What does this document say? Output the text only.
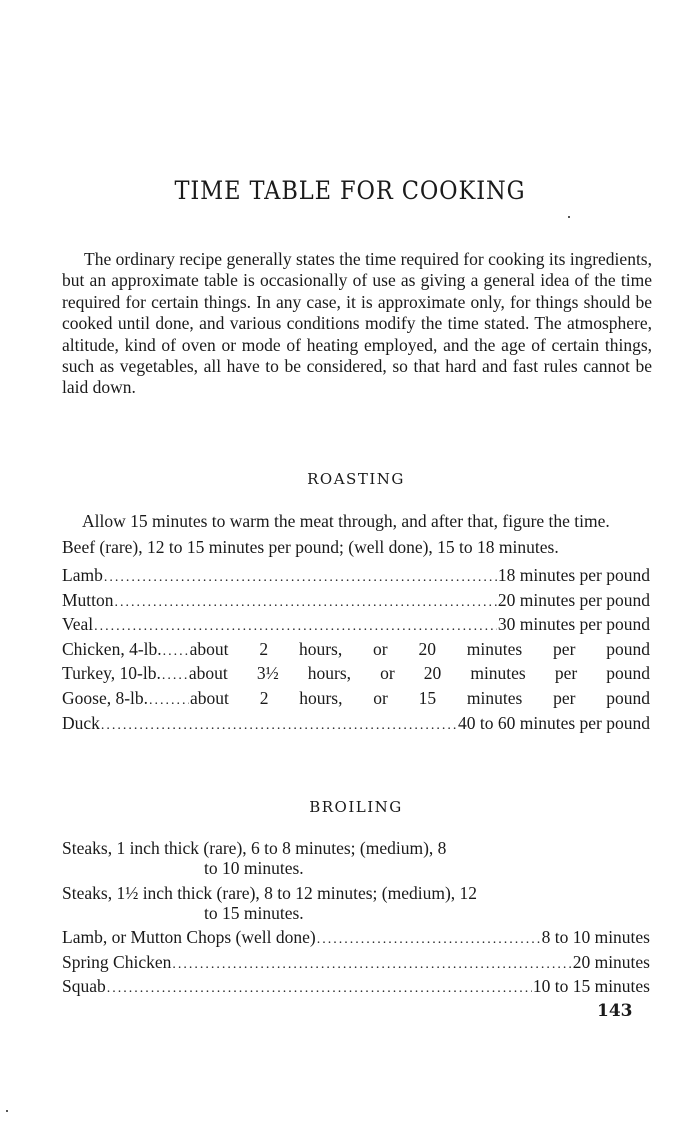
TIME TABLE FOR COOKING

The ordinary recipe generally states the time required for cooking its ingredients, but an approximate table is occasionally of use as giving a general idea of the time required for certain things. In any case, it is approximate only, for things should be cooked until done, and various conditions modify the time stated. The atmosphere, altitude, kind of oven or mode of heating employed, and the age of certain things, such as vegetables, all have to be considered, so that hard and fast rules cannot be laid down.

ROASTING

Allow 15 minutes to warm the meat through, and after that, figure the time.

Beef (rare), 12 to 15 minutes per pound; (well done), 15 to 18 minutes.

Lamb .....	18 minutes per pound
Mutton .....	20 minutes per pound
Veal .....	30 minutes per pound
Chicken, 4-lb. ..... about 2 hours, or 20 minutes per pound
Turkey, 10-lb. ..... about 3½ hours, or 20 minutes per pound
Goose, 8-lb. ..... about 2 hours, or 15 minutes per pound
Duck .....	40 to 60 minutes per pound
BROILING
Steaks, 1 inch thick (rare), 6 to 8 minutes; (medium), 8
to 10 minutes.
Steaks, 1½ inch thick (rare), 8 to 12 minutes; (medium), 12
to 15 minutes.
Lamb, or Mutton Chops (well done) .....	8 to 10 minutes
Spring Chicken .....	20 minutes
Squab .....	10 to 15 minutes
143
